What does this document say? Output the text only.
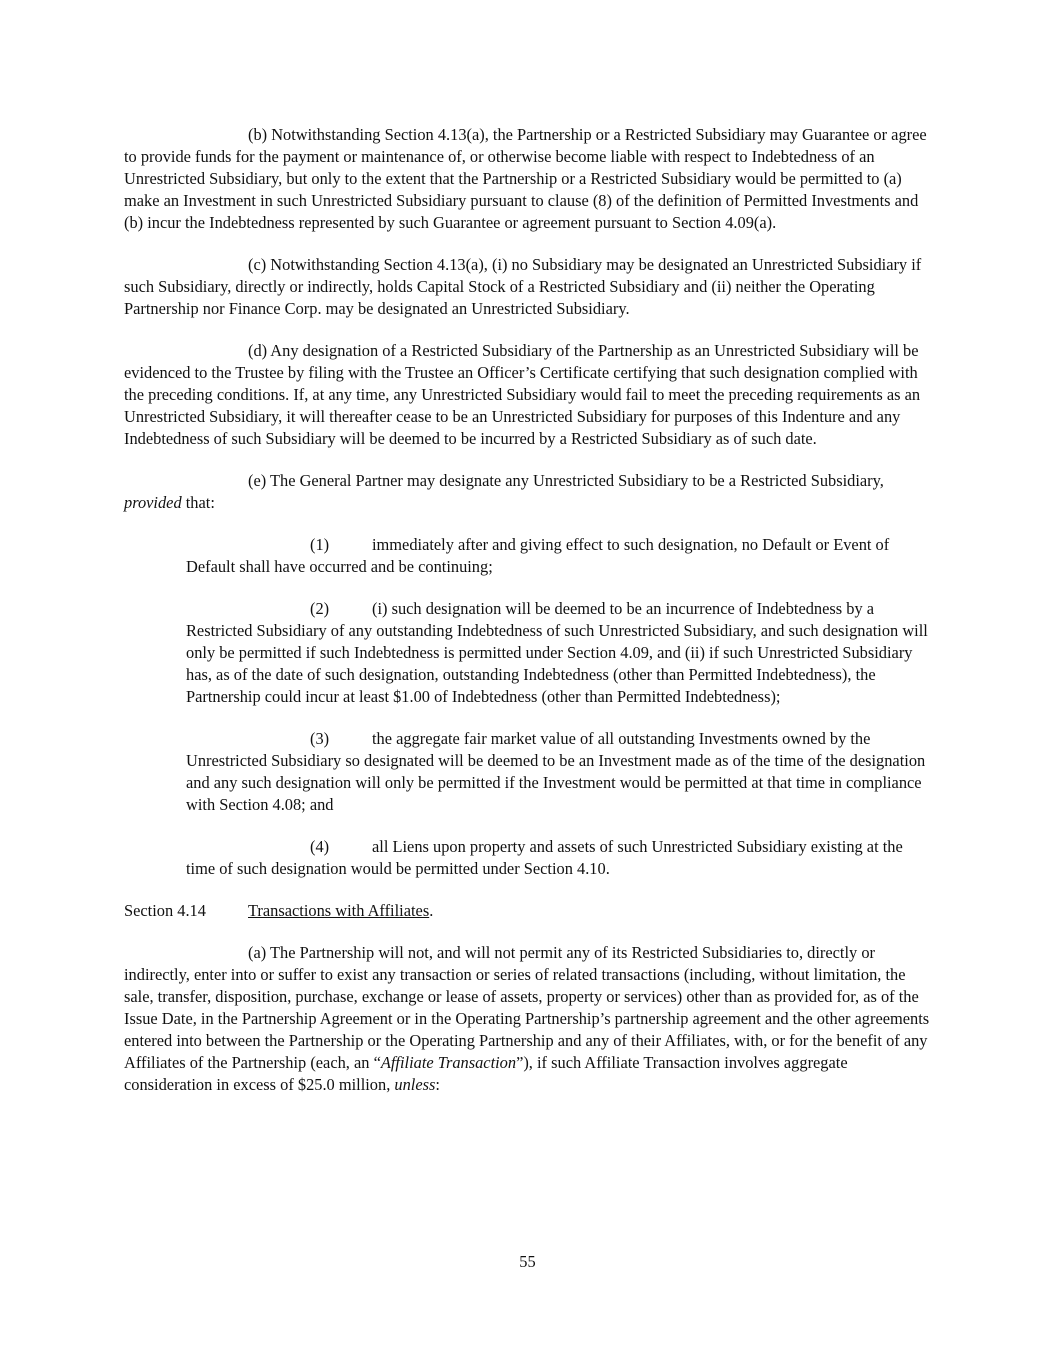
(b) Notwithstanding Section 4.13(a), the Partnership or a Restricted Subsidiary may Guarantee or agree to provide funds for the payment or maintenance of, or otherwise become liable with respect to Indebtedness of an Unrestricted Subsidiary, but only to the extent that the Partnership or a Restricted Subsidiary would be permitted to (a) make an Investment in such Unrestricted Subsidiary pursuant to clause (8) of the definition of Permitted Investments and (b) incur the Indebtedness represented by such Guarantee or agreement pursuant to Section 4.09(a).

(c) Notwithstanding Section 4.13(a), (i) no Subsidiary may be designated an Unrestricted Subsidiary if such Subsidiary, directly or indirectly, holds Capital Stock of a Restricted Subsidiary and (ii) neither the Operating Partnership nor Finance Corp. may be designated an Unrestricted Subsidiary.

(d) Any designation of a Restricted Subsidiary of the Partnership as an Unrestricted Subsidiary will be evidenced to the Trustee by filing with the Trustee an Officer’s Certificate certifying that such designation complied with the preceding conditions. If, at any time, any Unrestricted Subsidiary would fail to meet the preceding requirements as an Unrestricted Subsidiary, it will thereafter cease to be an Unrestricted Subsidiary for purposes of this Indenture and any Indebtedness of such Subsidiary will be deemed to be incurred by a Restricted Subsidiary as of such date.

(e) The General Partner may designate any Unrestricted Subsidiary to be a Restricted Subsidiary, provided that:

(1)	immediately after and giving effect to such designation, no Default or Event of Default shall have occurred and be continuing;

(2)	(i) such designation will be deemed to be an incurrence of Indebtedness by a Restricted Subsidiary of any outstanding Indebtedness of such Unrestricted Subsidiary, and such designation will only be permitted if such Indebtedness is permitted under Section 4.09, and (ii) if such Unrestricted Subsidiary has, as of the date of such designation, outstanding Indebtedness (other than Permitted Indebtedness), the Partnership could incur at least $1.00 of Indebtedness (other than Permitted Indebtedness);

(3)	the aggregate fair market value of all outstanding Investments owned by the Unrestricted Subsidiary so designated will be deemed to be an Investment made as of the time of the designation and any such designation will only be permitted if the Investment would be permitted at that time in compliance with Section 4.08; and

(4)	all Liens upon property and assets of such Unrestricted Subsidiary existing at the time of such designation would be permitted under Section 4.10.

Section 4.14	Transactions with Affiliates.

(a) The Partnership will not, and will not permit any of its Restricted Subsidiaries to, directly or indirectly, enter into or suffer to exist any transaction or series of related transactions (including, without limitation, the sale, transfer, disposition, purchase, exchange or lease of assets, property or services) other than as provided for, as of the Issue Date, in the Partnership Agreement or in the Operating Partnership’s partnership agreement and the other agreements entered into between the Partnership or the Operating Partnership and any of their Affiliates, with, or for the benefit of any Affiliates of the Partnership (each, an “Affiliate Transaction”), if such Affiliate Transaction involves aggregate consideration in excess of $25.0 million, unless:

55
